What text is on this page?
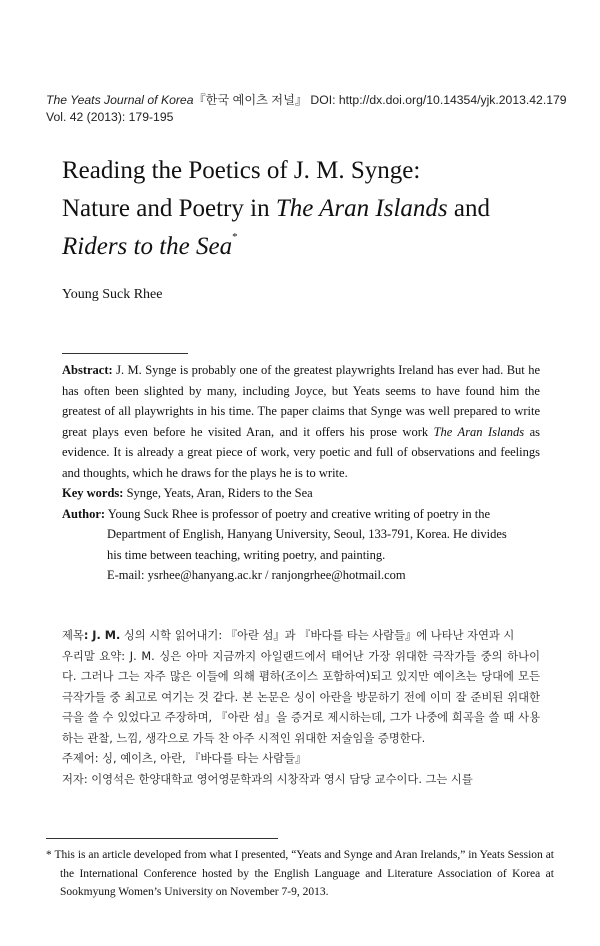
The Yeats Journal of Korea『한국 예이츠 저널』 DOI: http://dx.doi.org/10.14354/yjk.2013.42.179
Vol. 42 (2013): 179-195
Reading the Poetics of J. M. Synge:
Nature and Poetry in The Aran Islands and
Riders to the Sea*
Young Suck Rhee

Abstract: J. M. Synge is probably one of the greatest playwrights Ireland has ever had. But he has often been slighted by many, including Joyce, but Yeats seems to have found him the greatest of all playwrights in his time. The paper claims that Synge was well prepared to write great plays even before he visited Aran, and it offers his prose work The Aran Islands as evidence. It is already a great piece of work, very poetic and full of observations and feelings and thoughts, which he draws for the plays he is to write.

Key words: Synge, Yeats, Aran, Riders to the Sea

Author: Young Suck Rhee is professor of poetry and creative writing of poetry in the
Department of English, Hanyang University, Seoul, 133-791, Korea. He divides
his time between teaching, writing poetry, and painting.
E-mail: ysrhee@hanyang.ac.kr / ranjongrhee@hotmail.com

제목: J. M. 싱의 시학 읽어내기: 『아란 섬』과 『바다를 타는 사람들』에 나타난 자연과 시

우리말 요약: J. M. 싱은 아마 지금까지 아일랜드에서 태어난 가장 위대한 극작가들 중의 하나이다. 그러나 그는 자주 많은 이들에 의해 폄하(조이스 포함하여)되고 있지만 예이츠는 당대에 모든 극작가들 중 최고로 여기는 것 같다. 본 논문은 싱이 아란을 방문하기 전에 이미 잘 준비된 위대한 극을 쓸 수 있었다고 주장하며, 『아란 섬』을 증거로 제시하는데, 그가 나중에 희곡을 쓸 때 사용하는 관찰, 느낌, 생각으로 가득 찬 아주 시적인 위대한 저술임을 증명한다.

주제어: 싱, 예이츠, 아란, 『바다를 타는 사람들』

저자: 이영석은 한양대학교 영어영문학과의 시창작과 영시 담당 교수이다. 그는 시를

* This is an article developed from what I presented, “Yeats and Synge and Aran Irelands,” in Yeats Session at the International Conference hosted by the English Language and Literature Association of Korea at Sookmyung Women’s University on November 7-9, 2013.
